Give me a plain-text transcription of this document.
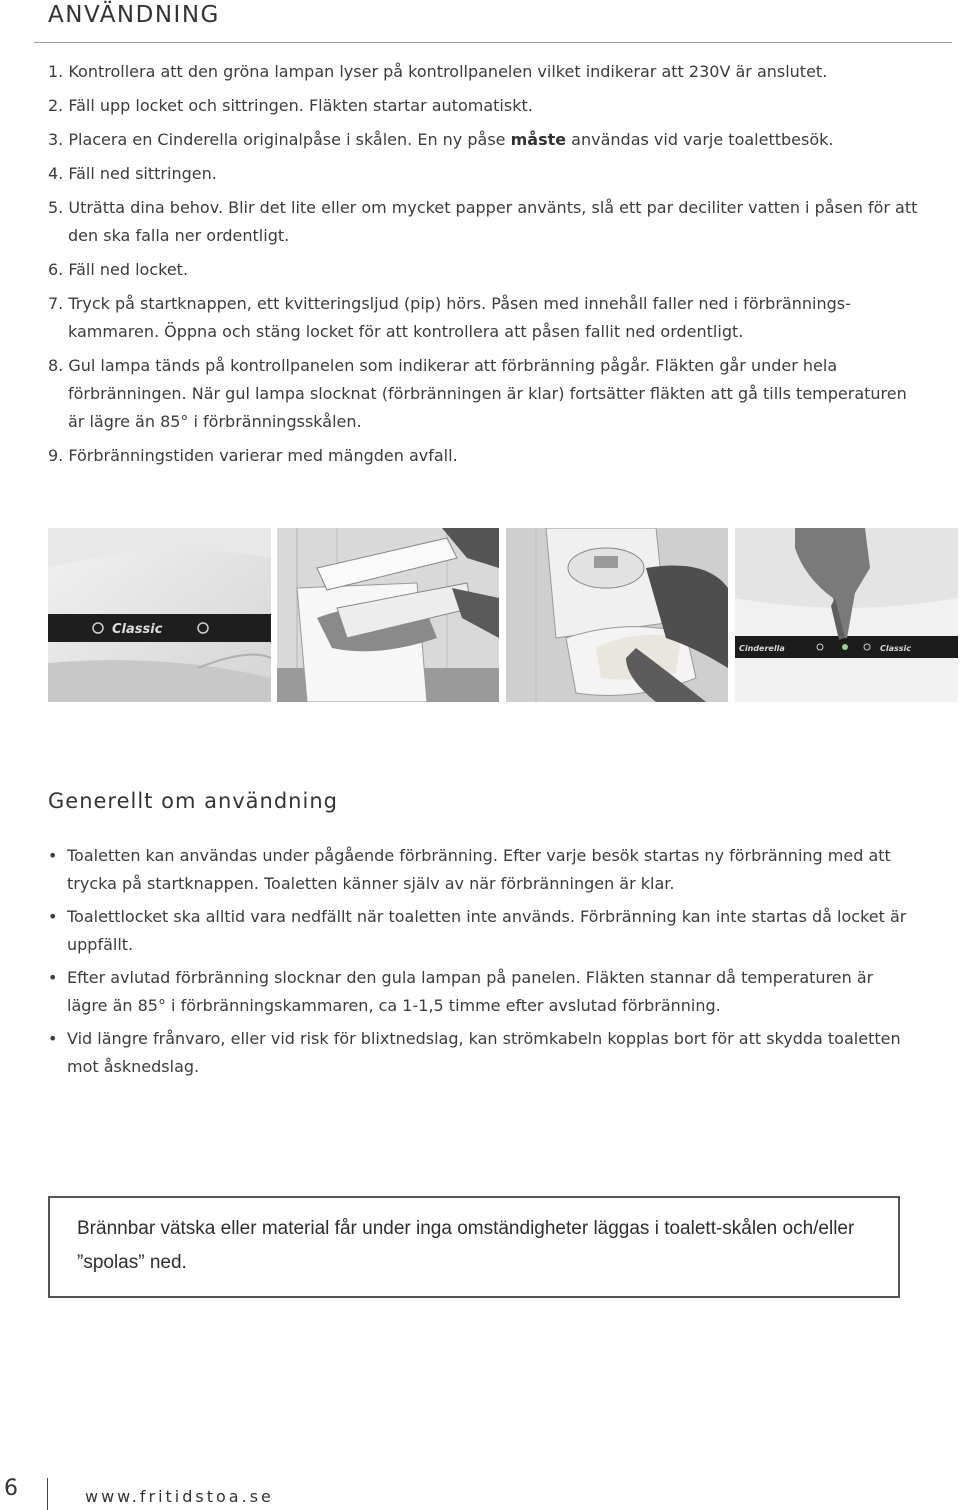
ANVÄNDNING

1. Kontrollera att den gröna lampan lyser på kontrollpanelen vilket indikerar att 230V är anslutet.

2. Fäll upp locket och sittringen. Fläkten startar automatiskt.

3. Placera en Cinderella originalpåse i skålen. En ny påse måste användas vid varje toalettbesök.

4. Fäll ned sittringen.

5. Uträtta dina behov. Blir det lite eller om mycket papper använts, slå ett par deciliter vatten i påsen för att den ska falla ner ordentligt.

6. Fäll ned locket.

7. Tryck på startknappen, ett kvitteringsljud (pip) hörs. Påsen med innehåll faller ned i förbrännings-kammaren. Öppna och stäng locket för att kontrollera att påsen fallit ned ordentligt.

8. Gul lampa tänds på kontrollpanelen som indikerar att förbränning pågår. Fläkten går under hela förbränningen. När gul lampa slocknat (förbränningen är klar) fortsätter fläkten att gå tills temperaturen är lägre än 85° i förbränningsskålen.

9. Förbränningstiden varierar med mängden avfall.

Classic
Cinderella	Classic
Generellt om användning
• Toaletten kan användas under pågående förbränning. Efter varje besök startas ny förbränning med att trycka på startknappen. Toaletten känner själv av när förbränningen är klar.
• Toalettlocket ska alltid vara nedfällt när toaletten inte används. Förbränning kan inte startas då locket är uppfällt.
• Efter avlutad förbränning slocknar den gula lampan på panelen. Fläkten stannar då temperaturen är lägre än 85° i förbränningskammaren, ca 1-1,5 timme efter avslutad förbränning.
• Vid längre frånvaro, eller vid risk för blixtnedslag, kan strömkabeln kopplas bort för att skydda toaletten mot åsknedslag.
Brännbar vätska eller material får under inga omständigheter läggas i toalett-skålen och/eller ”spolas” ned.
6	www.fritidstoa.se
